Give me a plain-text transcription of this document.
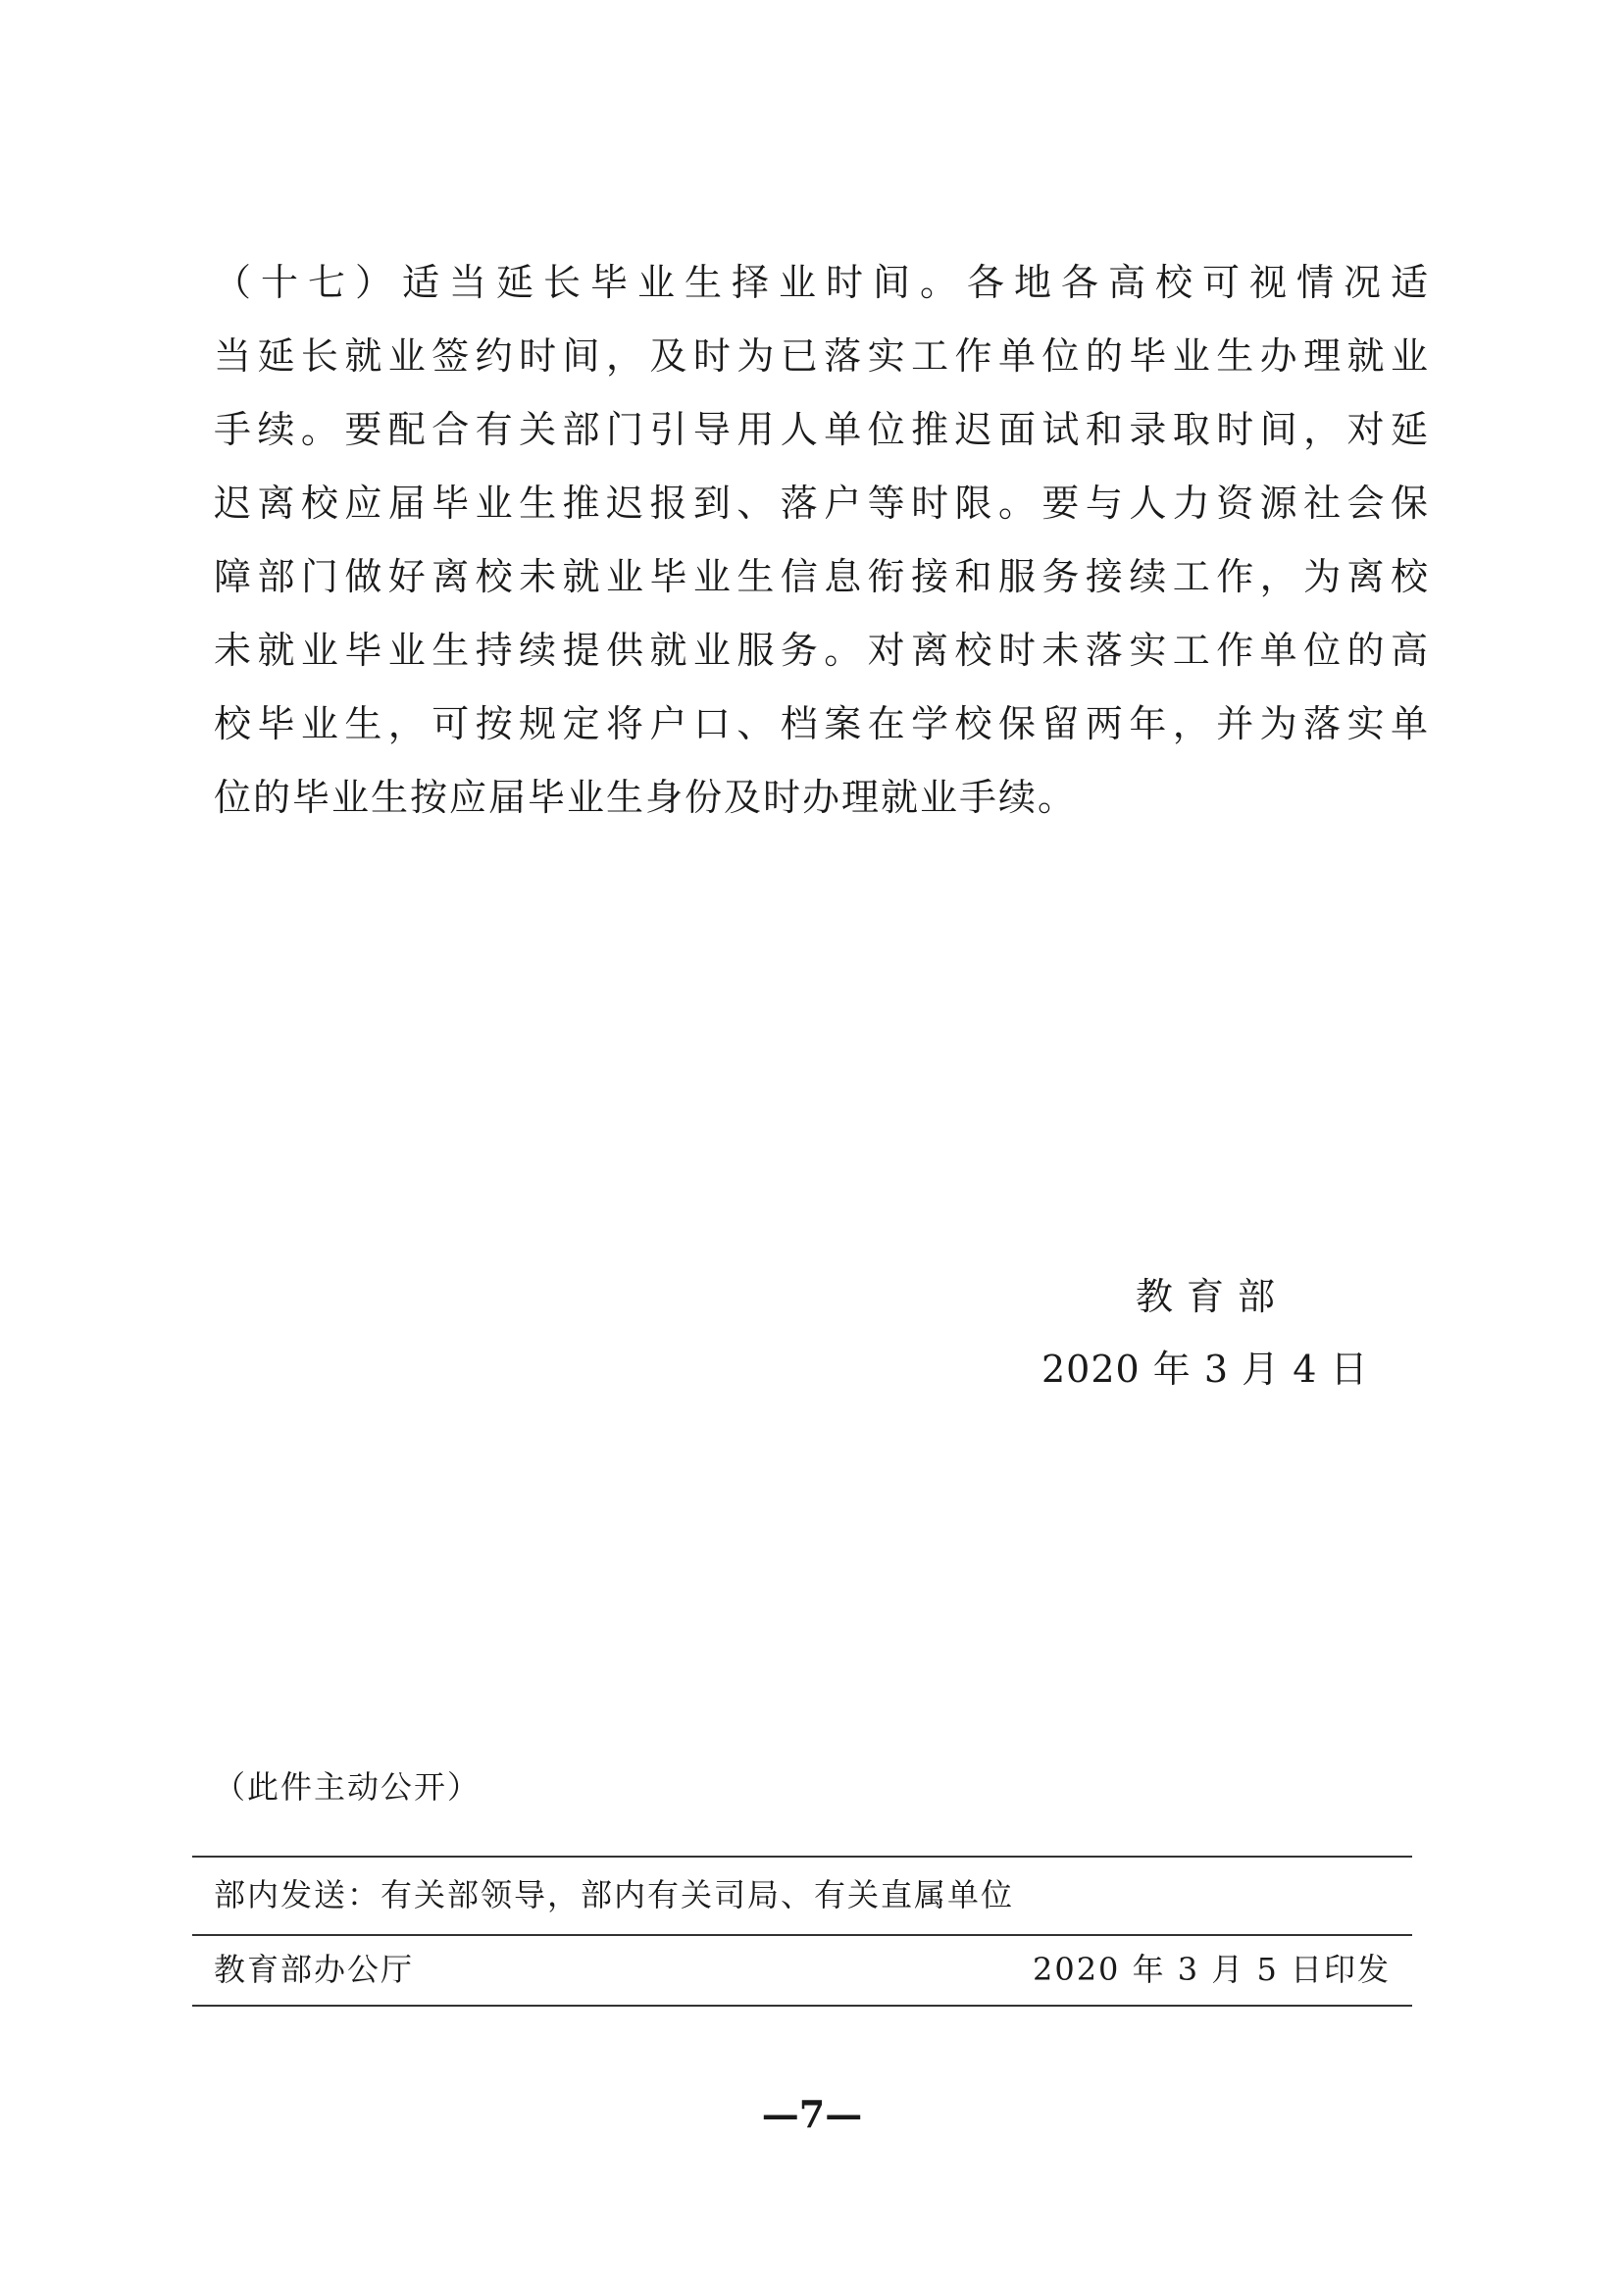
（十七）适当延长毕业生择业时间。各地各高校可视情况适
当延长就业签约时间，及时为已落实工作单位的毕业生办理就业
手续。要配合有关部门引导用人单位推迟面试和录取时间，对延
迟离校应届毕业生推迟报到、落户等时限。要与人力资源社会保
障部门做好离校未就业毕业生信息衔接和服务接续工作，为离校
未就业毕业生持续提供就业服务。对离校时未落实工作单位的高
校毕业生，可按规定将户口、档案在学校保留两年，并为落实单
位的毕业生按应届毕业生身份及时办理就业手续。
教育部
2020 年 3 月 4 日
（此件主动公开）
部内发送：有关部领导，部内有关司局、有关直属单位
教育部办公厅	2020 年 3 月 5 日印发
—7—
